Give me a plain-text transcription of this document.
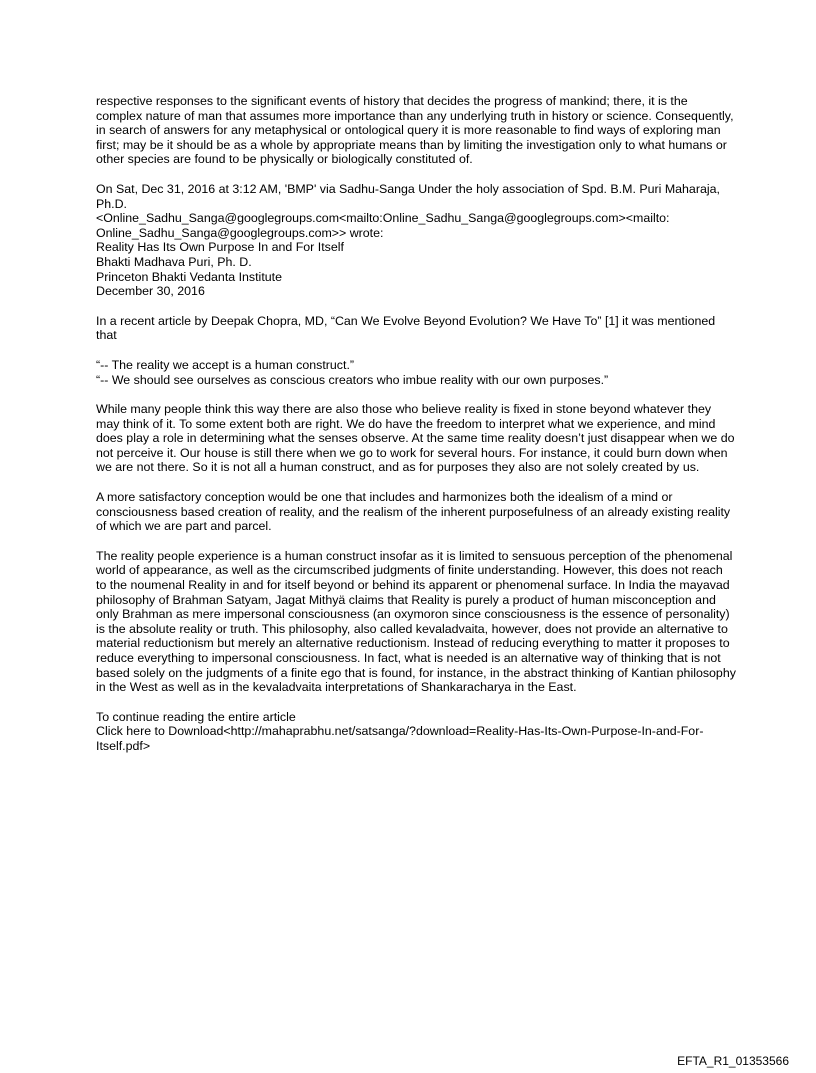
respective responses to the significant events of history that decides the progress of mankind; there, it is the complex nature of man that assumes more importance than any underlying truth in history or science. Consequently, in search of answers for any metaphysical or ontological query it is more reasonable to find ways of exploring man first; may be it should be as a whole by appropriate means than by limiting the investigation only to what humans or other species are found to be physically or biologically constituted of.

On Sat, Dec 31, 2016 at 3:12 AM, 'BMP' via Sadhu-Sanga Under the holy association of Spd. B.M. Puri Maharaja, Ph.D.
<Online_Sadhu_Sanga@googlegroups.com<mailto:Online_Sadhu_Sanga@googlegroups.com><mailto:
Online_Sadhu_Sanga@googlegroups.com>> wrote:
Reality Has Its Own Purpose In and For Itself
Bhakti Madhava Puri, Ph. D.
Princeton Bhakti Vedanta Institute
December 30, 2016

In a recent article by Deepak Chopra, MD, “Can We Evolve Beyond Evolution? We Have To” [1] it was mentioned that

“-- The reality we accept is a human construct.”
“-- We should see ourselves as conscious creators who imbue reality with our own purposes.”

While many people think this way there are also those who believe reality is fixed in stone beyond whatever they may think of it. To some extent both are right. We do have the freedom to interpret what we experience, and mind does play a role in determining what the senses observe. At the same time reality doesn’t just disappear when we do not perceive it. Our house is still there when we go to work for several hours. For instance, it could burn down when we are not there. So it is not all a human construct, and as for purposes they also are not solely created by us.

A more satisfactory conception would be one that includes and harmonizes both the idealism of a mind or consciousness based creation of reality, and the realism of the inherent purposefulness of an already existing reality of which we are part and parcel.

The reality people experience is a human construct insofar as it is limited to sensuous perception of the phenomenal world of appearance, as well as the circumscribed judgments of finite understanding. However, this does not reach to the noumenal Reality in and for itself beyond or behind its apparent or phenomenal surface. In India the mayavad philosophy of Brahman Satyam, Jagat Mithyä claims that Reality is purely a product of human misconception and only Brahman as mere impersonal consciousness (an oxymoron since consciousness is the essence of personality) is the absolute reality or truth. This philosophy, also called kevaladvaita, however, does not provide an alternative to material reductionism but merely an alternative reductionism. Instead of reducing everything to matter it proposes to reduce everything to impersonal consciousness. In fact, what is needed is an alternative way of thinking that is not based solely on the judgments of a finite ego that is found, for instance, in the abstract thinking of Kantian philosophy in the West as well as in the kevaladvaita interpretations of Shankaracharya in the East.

To continue reading the entire article
Click here to Download<http://mahaprabhu.net/satsanga/?download=Reality-Has-Its-Own-Purpose-In-and-For-Itself.pdf>

EFTA_R1_01353566
